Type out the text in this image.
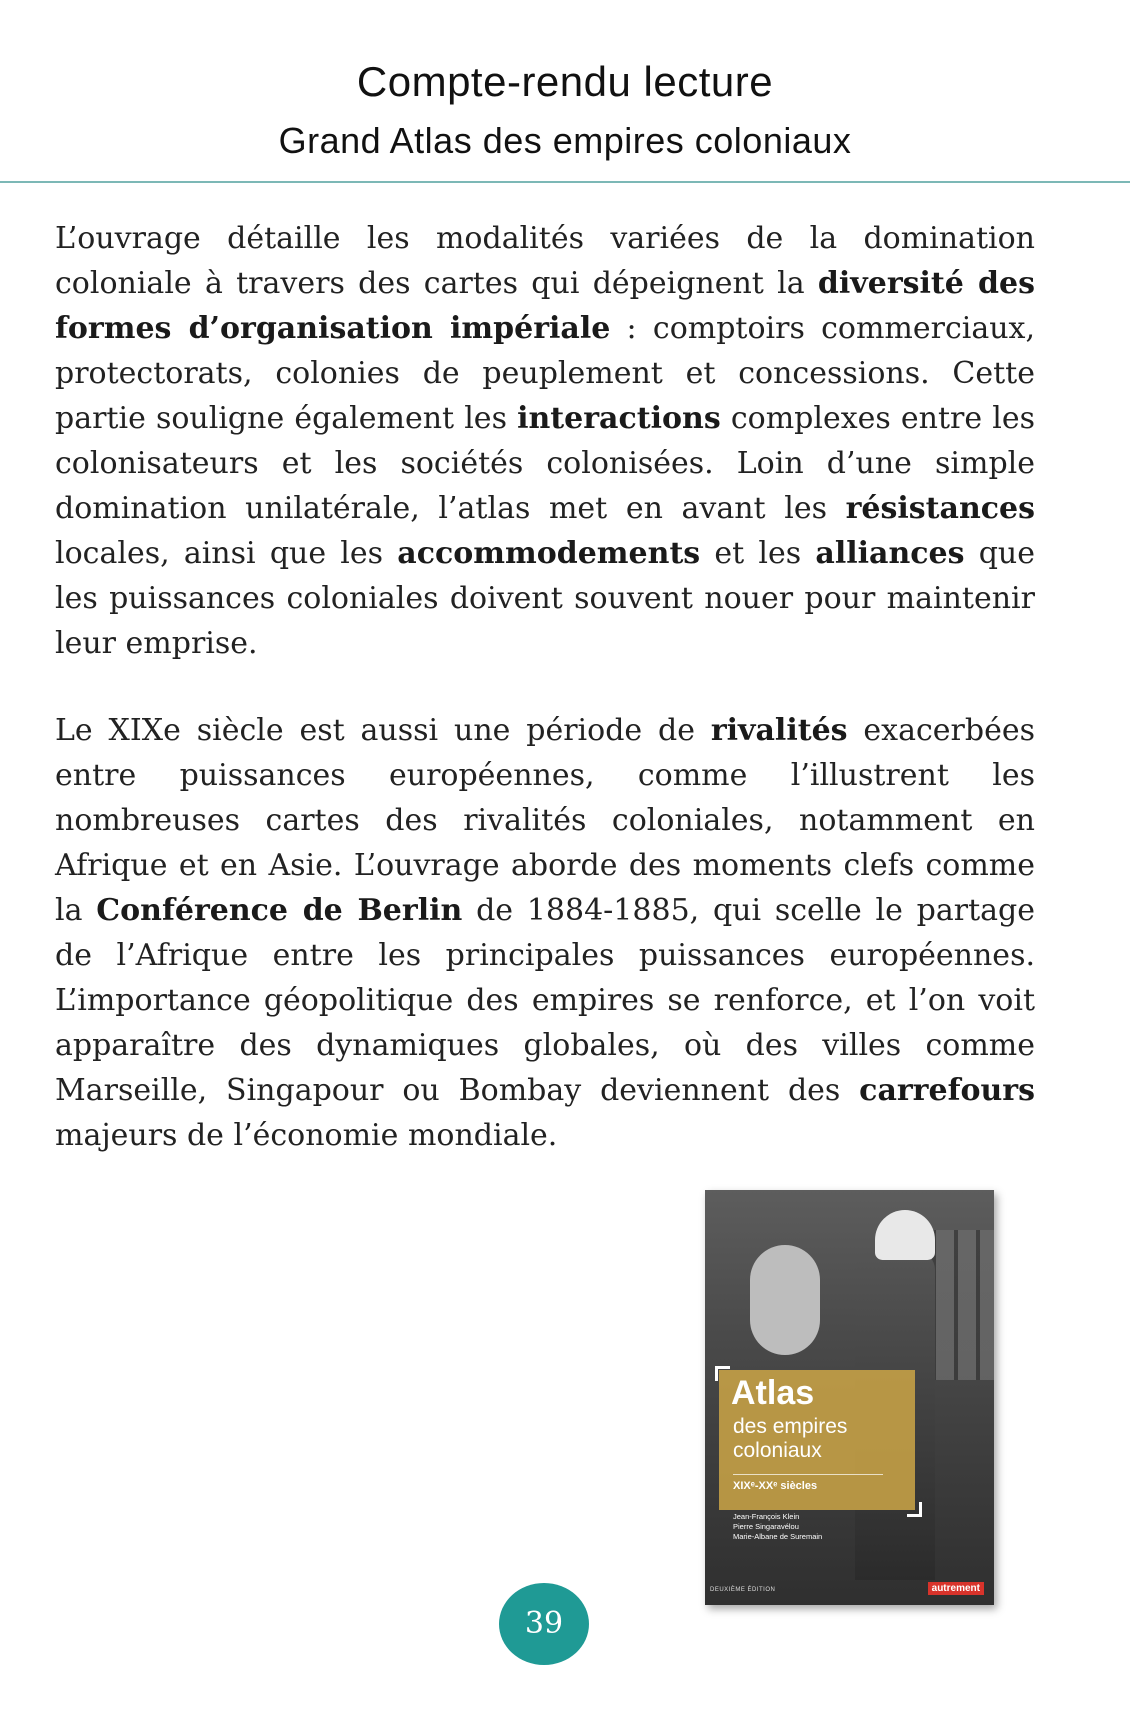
Compte-rendu lecture
Grand Atlas des empires coloniaux
L’ouvrage détaille les modalités variées de la domination coloniale à travers des cartes qui dépeignent la diversité des formes d’organisation impériale : comptoirs commerciaux, protectorats, colonies de peuplement et concessions. Cette partie souligne également les interactions complexes entre les colonisateurs et les sociétés colonisées. Loin d’une simple domination unilatérale, l’atlas met en avant les résistances locales, ainsi que les accommodements et les alliances que les puissances coloniales doivent souvent nouer pour maintenir leur emprise.
Le XIXe siècle est aussi une période de rivalités exacerbées entre puissances européennes, comme l’illustrent les nombreuses cartes des rivalités coloniales, notamment en Afrique et en Asie. L’ouvrage aborde des moments clefs comme la Conférence de Berlin de 1884-1885, qui scelle le partage de l’Afrique entre les principales puissances européennes. L’importance géopolitique des empires se renforce, et l’on voit apparaître des dynamiques globales, où des villes comme Marseille, Singapour ou Bombay deviennent des carrefours majeurs de l’économie mondiale.
Atlas
des empires coloniaux
XIXᵉ-XXᵉ siècles
Jean-François Klein
Pierre Singaravélou
Marie-Albane de Suremain
DEUXIÈME ÉDITION	autrement
39
